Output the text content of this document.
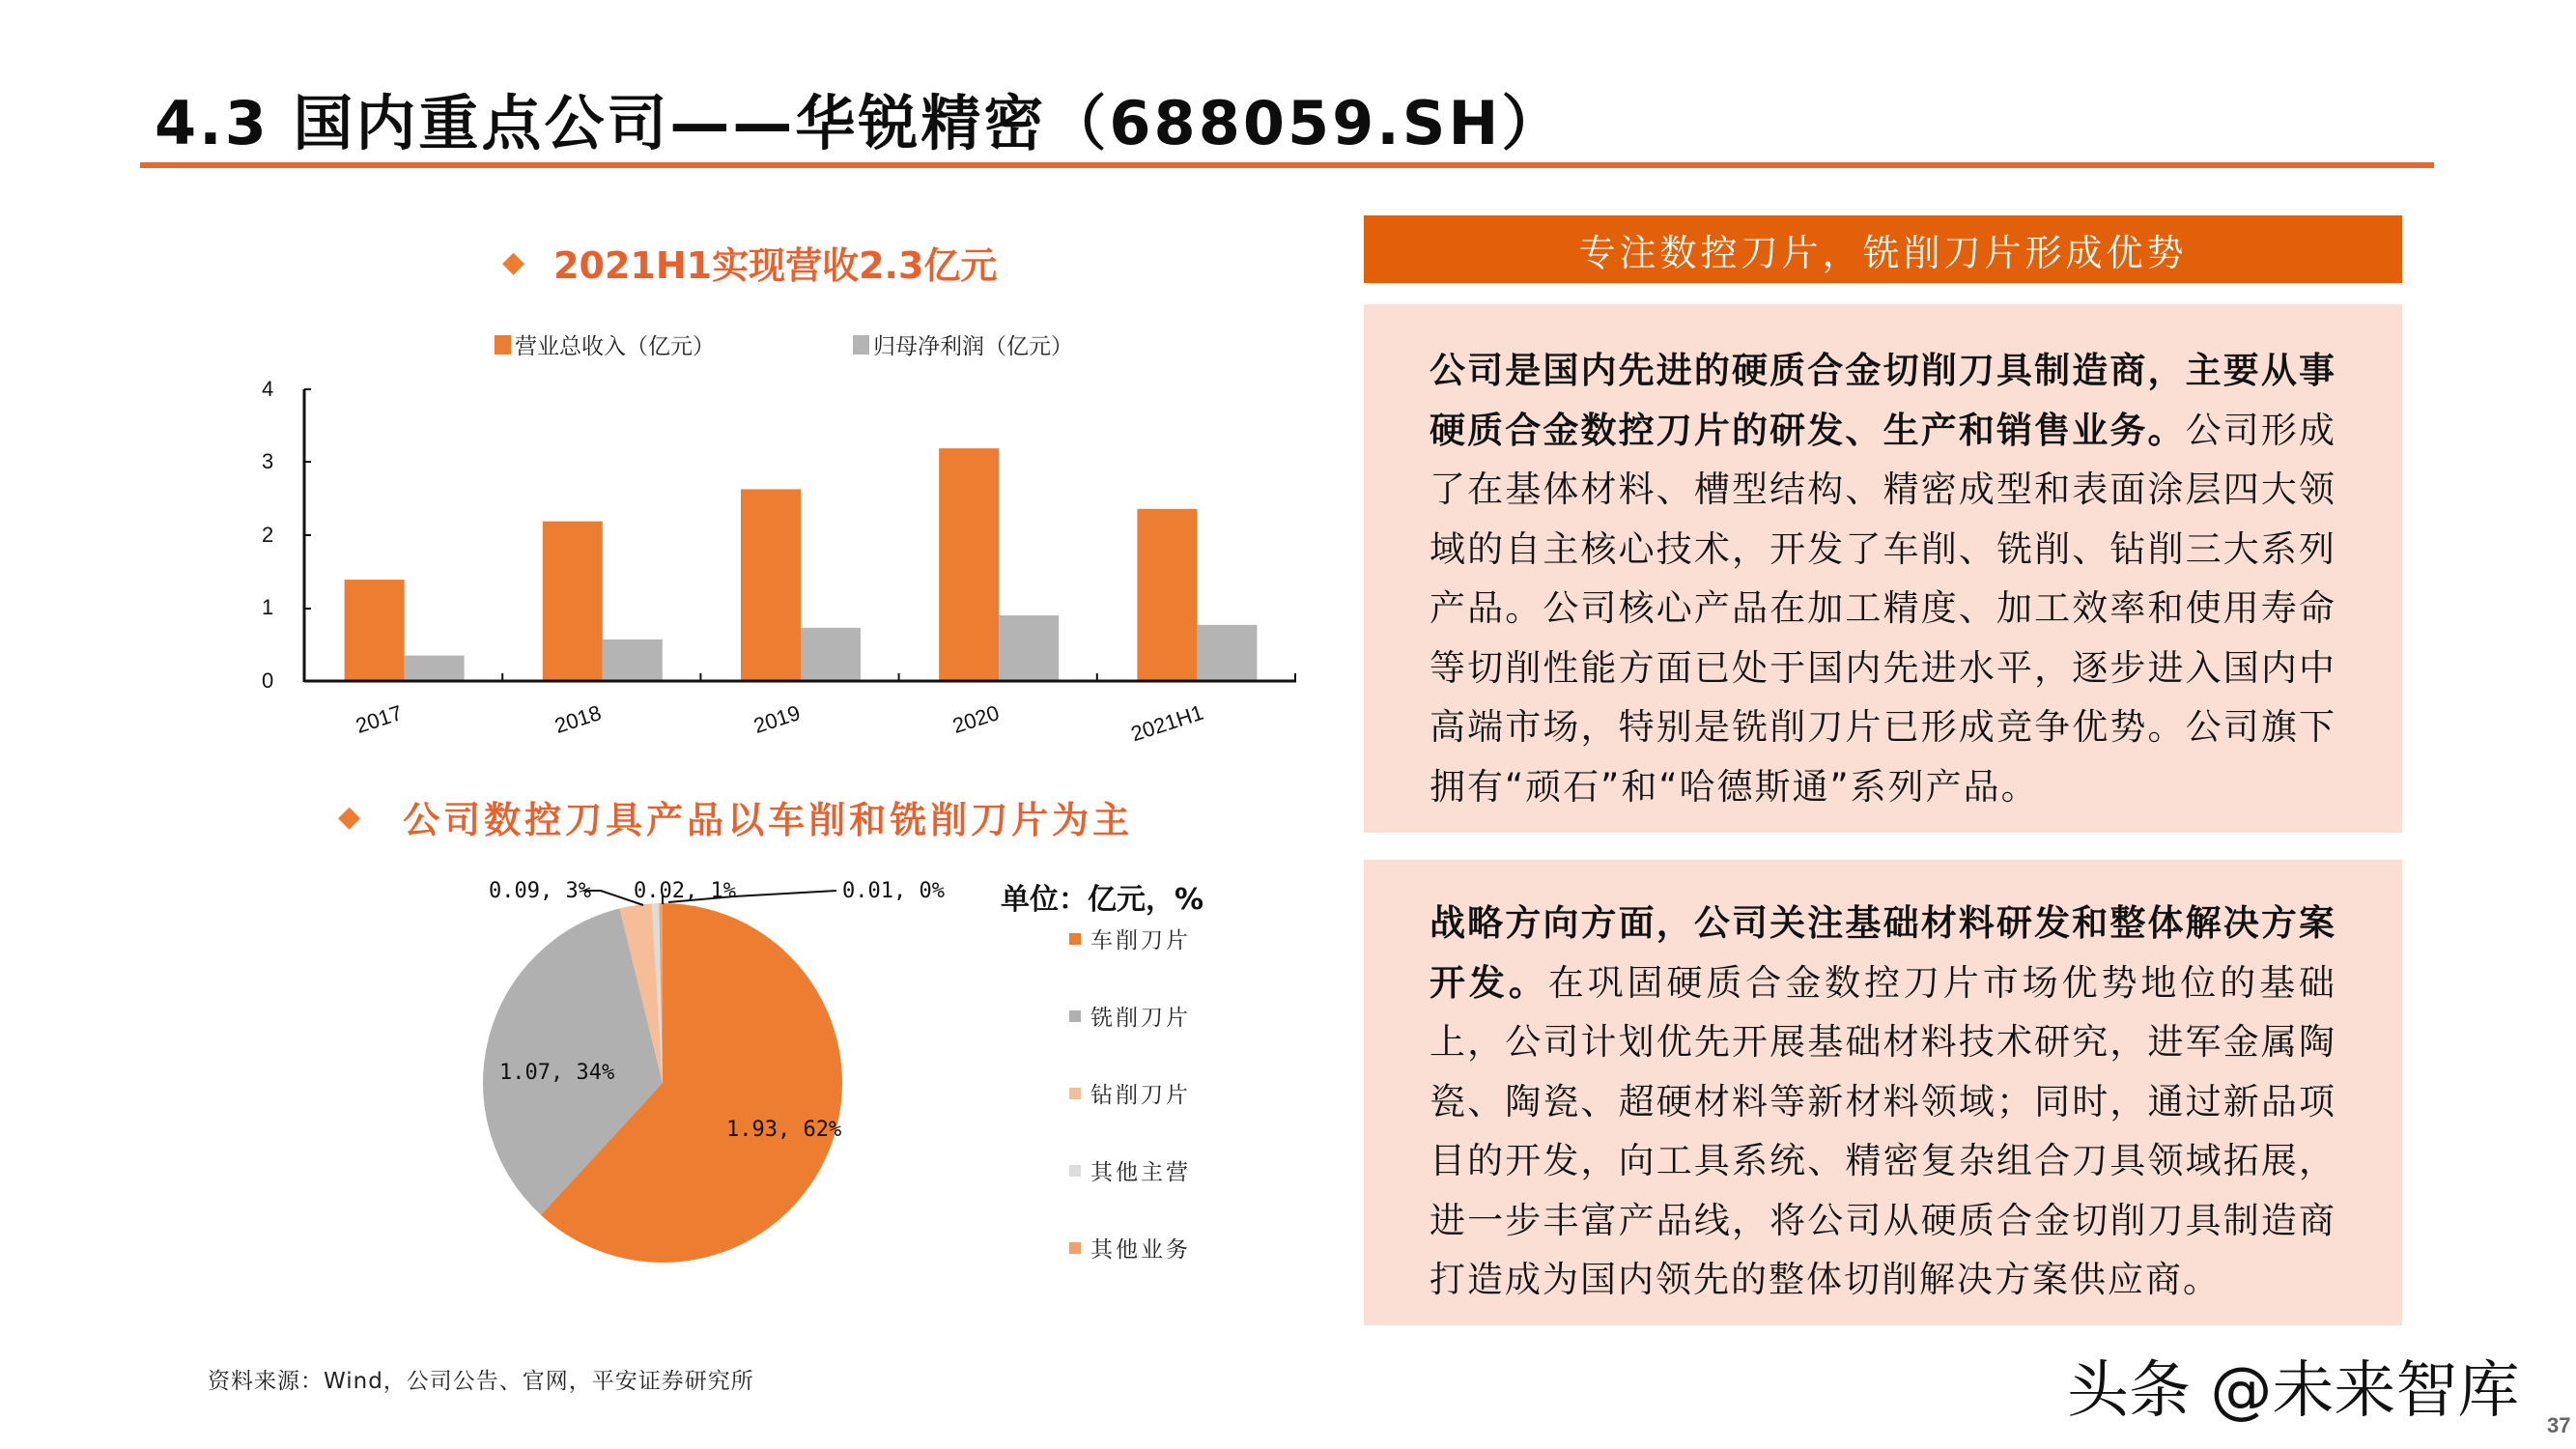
4.3 国内重点公司——华锐精密（688059.SH）
◆ 2021H1实现营收2.3亿元
营业总收入（亿元）	归母净利润（亿元）
4
3
2
1
0
2017	2018	2019	2020	2021H1
◆ 公司数控刀具产品以车削和铣削刀片为主
0.09, 3% 0.02, 1%	0.01, 0%
1.07, 34%
1.93, 62%
单位：亿元，%
车削刀片
铣削刀片
钻削刀片
其他主营
其他业务
专注数控刀片，铣削刀片形成优势

公司是国内先进的硬质合金切削刀具制造商，主要从事硬质合金数控刀片的研发、生产和销售业务。公司形成了在基体材料、槽型结构、精密成型和表面涂层四大领域的自主核心技术，开发了车削、铣削、钻削三大系列产品。公司核心产品在加工精度、加工效率和使用寿命等切削性能方面已处于国内先进水平，逐步进入国内中高端市场，特别是铣削刀片已形成竞争优势。公司旗下拥有“顽石”和“哈德斯通”系列产品。

战略方向方面，公司关注基础材料研发和整体解决方案开发。在巩固硬质合金数控刀片市场优势地位的基础上，公司计划优先开展基础材料技术研究，进军金属陶瓷、陶瓷、超硬材料等新材料领域；同时，通过新品项目的开发，向工具系统、精密复杂组合刀具领域拓展，进一步丰富产品线，将公司从硬质合金切削刀具制造商打造成为国内领先的整体切削解决方案供应商。

资料来源：Wind，公司公告、官网，平安证券研究所	头条 @未来智库 37
